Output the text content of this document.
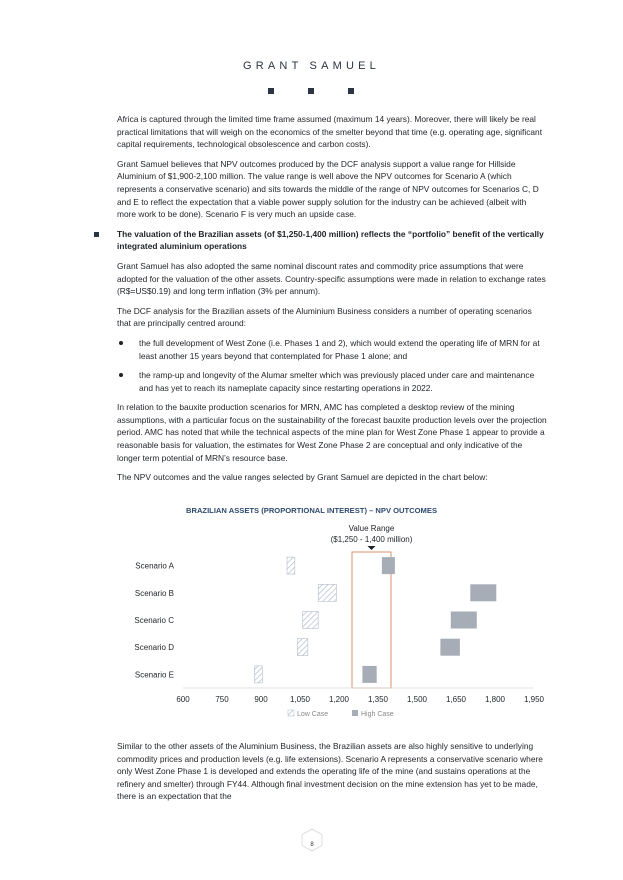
GRANT SAMUEL

Africa is captured through the limited time frame assumed (maximum 14 years). Moreover, there will likely be real practical limitations that will weigh on the economics of the smelter beyond that time (e.g. operating age, significant capital requirements, technological obsolescence and carbon costs).

Grant Samuel believes that NPV outcomes produced by the DCF analysis support a value range for Hillside Aluminium of $1,900-2,100 million. The value range is well above the NPV outcomes for Scenario A (which represents a conservative scenario) and sits towards the middle of the range of NPV outcomes for Scenarios C, D and E to reflect the expectation that a viable power supply solution for the industry can be achieved (albeit with more work to be done). Scenario F is very much an upside case.

The valuation of the Brazilian assets (of $1,250-1,400 million) reflects the “portfolio” benefit of the vertically integrated aluminium operations

Grant Samuel has also adopted the same nominal discount rates and commodity price assumptions that were adopted for the valuation of the other assets. Country-specific assumptions were made in relation to exchange rates (R$=US$0.19) and long term inflation (3% per annum).

The DCF analysis for the Brazilian assets of the Aluminium Business considers a number of operating scenarios that are principally centred around:

the full development of West Zone (i.e. Phases 1 and 2), which would extend the operating life of MRN for at least another 15 years beyond that contemplated for Phase 1 alone; and
the ramp-up and longevity of the Alumar smelter which was previously placed under care and maintenance and has yet to reach its nameplate capacity since restarting operations in 2022.

In relation to the bauxite production scenarios for MRN, AMC has completed a desktop review of the mining assumptions, with a particular focus on the sustainability of the forecast bauxite production levels over the projection period. AMC has noted that while the technical aspects of the mine plan for West Zone Phase 1 appear to provide a reasonable basis for valuation, the estimates for West Zone Phase 2 are conceptual and only indicative of the longer term potential of MRN’s resource base.

The NPV outcomes and the value ranges selected by Grant Samuel are depicted in the chart below:

BRAZILIAN ASSETS (PROPORTIONAL INTEREST) – NPV OUTCOMES
Value Range
($1,250 - 1,400 million)
Scenario A
Scenario B
Scenario C
Scenario D
Scenario E
600	750	900	1,050 1,200 1,350 1,500 1,650 1,800 1,950
Low Case	High Case

Similar to the other assets of the Aluminium Business, the Brazilian assets are also highly sensitive to underlying commodity prices and production levels (e.g. life extensions). Scenario A represents a conservative scenario where only West Zone Phase 1 is developed and extends the operating life of the mine (and sustains operations at the refinery and smelter) through FY44. Although final investment decision on the mine extension has yet to be made, there is an expectation that the

8
